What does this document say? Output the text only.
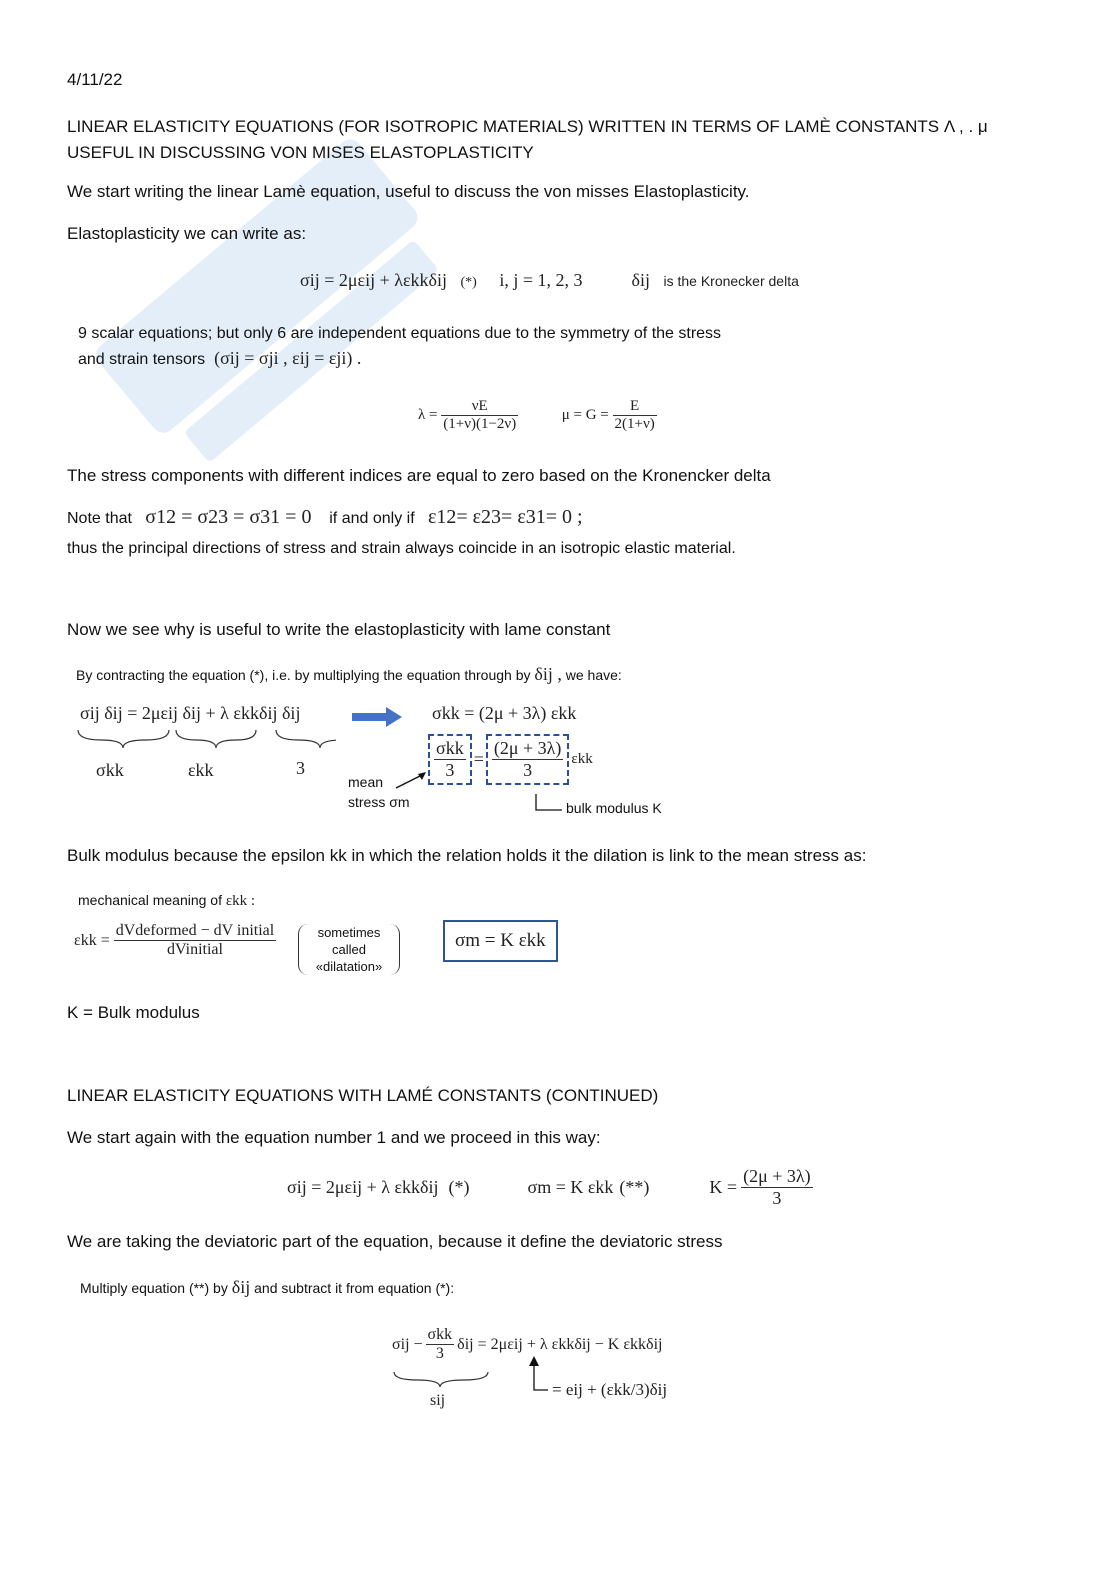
4/11/22
LINEAR ELASTICITY EQUATIONS (FOR ISOTROPIC MATERIALS) WRITTEN IN TERMS OF LAMÈ CONSTANTS Λ , . μ
USEFUL IN DISCUSSING VON MISES ELASTOPLASTICITY
We start writing the linear Lamè equation, useful to discuss the von misses Elastoplasticity.
Elastoplasticity we can write as:
σij = 2μεij + λεkkδij (*) i, j = 1, 2, 3	δij is the Kronecker delta
9 scalar equations; but only 6 are independent equations due to the symmetry of the stress
and strain tensors (σij = σji , εij = εji) .
$\lambda = \frac{\nu E}{(1+\nu)(1-2\nu)}$	$\mu = G = \frac{E}{2(1+\nu)}$
The stress components with different indices are equal to zero based on the Kronencker delta
Note that σ12 = σ23 = σ31 = 0 if and only if ε12= ε23= ε31= 0 ;
thus the principal directions of stress and strain always coincide in an isotropic elastic material.
Now we see why is useful to write the elastoplasticity with lame constant
By contracting the equation (*), i.e. by multiplying the equation through by δij , we have:
σij δij = 2μεij δij + λ εkkδij δij
σkk	εkk	3
σkk = (2μ + 3λ) εkk
$\frac{\text{σkk}}{3} = \frac{(2\mu + 3\lambda)}{3}$ εkk
mean
stress σm	bulk modulus K
Bulk modulus because the epsilon kk in which the relation holds it the dilation is link to the mean stress as:
mechanical meaning of εkk :
$\varepsilon kk = \frac{\text{dVdeformed − dV initial}}{\text{dVinitial}}$	sometimes called «dilatation»
σm = K εkk
K = Bulk modulus
LINEAR ELASTICITY EQUATIONS WITH LAMÉ CONSTANTS (CONTINUED)
We start again with the equation number 1 and we proceed in this way:
σij = 2μεij + λ εkkδij (*)	σm = K εkk (**)	$K = \frac{(2\mu + 3\lambda)}{3}$
We are taking the deviatoric part of the equation, because it define the deviatoric stress
Multiply equation (**) by δij and subtract it from equation (*):
$\sigma ij - \frac{\text{σkk}}{3}$ δij = 2μεij + λ εkkδij − K εkkδij
sij
= eij + (εkk/3)δij
